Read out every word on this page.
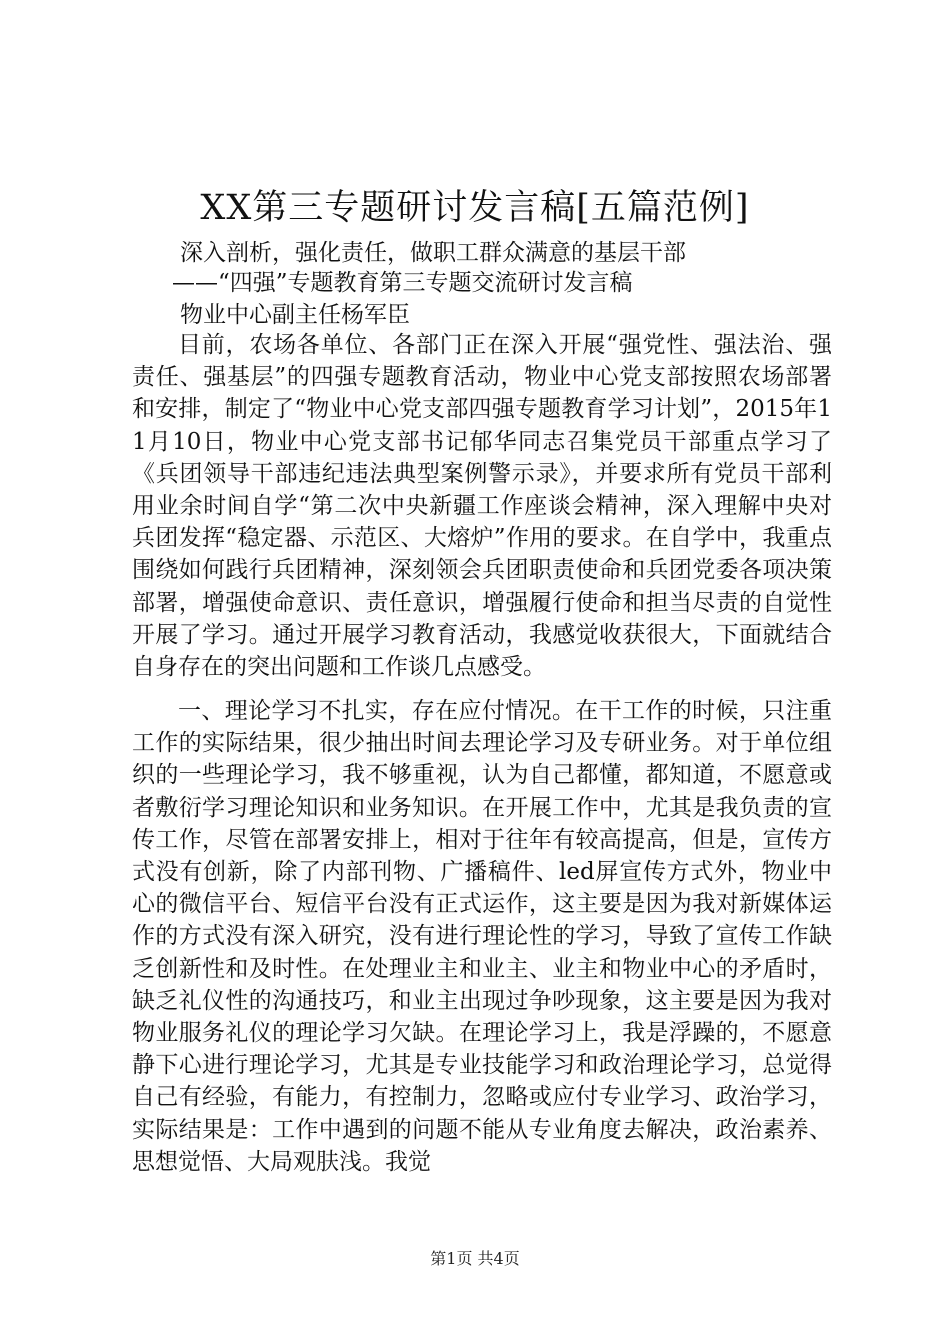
XX第三专题研讨发言稿[五篇范例]

深入剖析，强化责任，做职工群众满意的基层干部

——“四强”专题教育第三专题交流研讨发言稿

物业中心副主任杨军臣

目前，农场各单位、各部门正在深入开展“强党性、强法治、强责任、强基层”的四强专题教育活动，物业中心党支部按照农场部署和安排，制定了“物业中心党支部四强专题教育学习计划”，2015年11月10日，物业中心党支部书记郁华同志召集党员干部重点学习了《兵团领导干部违纪违法典型案例警示录》，并要求所有党员干部利用业余时间自学“第二次中央新疆工作座谈会精神，深入理解中央对兵团发挥“稳定器、示范区、大熔炉”作用的要求。在自学中，我重点围绕如何践行兵团精神，深刻领会兵团职责使命和兵团党委各项决策部署，增强使命意识、责任意识，增强履行使命和担当尽责的自觉性开展了学习。通过开展学习教育活动，我感觉收获很大，下面就结合自身存在的突出问题和工作谈几点感受。

一、理论学习不扎实，存在应付情况。在干工作的时候，只注重工作的实际结果，很少抽出时间去理论学习及专研业务。对于单位组织的一些理论学习，我不够重视，认为自己都懂，都知道，不愿意或者敷衍学习理论知识和业务知识。在开展工作中，尤其是我负责的宣传工作，尽管在部署安排上，相对于往年有较高提高，但是，宣传方式没有创新，除了内部刊物、广播稿件、led屏宣传方式外，物业中心的微信平台、短信平台没有正式运作，这主要是因为我对新媒体运作的方式没有深入研究，没有进行理论性的学习，导致了宣传工作缺乏创新性和及时性。在处理业主和业主、业主和物业中心的矛盾时，缺乏礼仪性的沟通技巧，和业主出现过争吵现象，这主要是因为我对物业服务礼仪的理论学习欠缺。在理论学习上，我是浮躁的，不愿意静下心进行理论学习，尤其是专业技能学习和政治理论学习，总觉得自己有经验，有能力，有控制力，忽略或应付专业学习、政治学习，实际结果是：工作中遇到的问题不能从专业角度去解决，政治素养、思想觉悟、大局观肤浅。我觉

第1页 共4页
